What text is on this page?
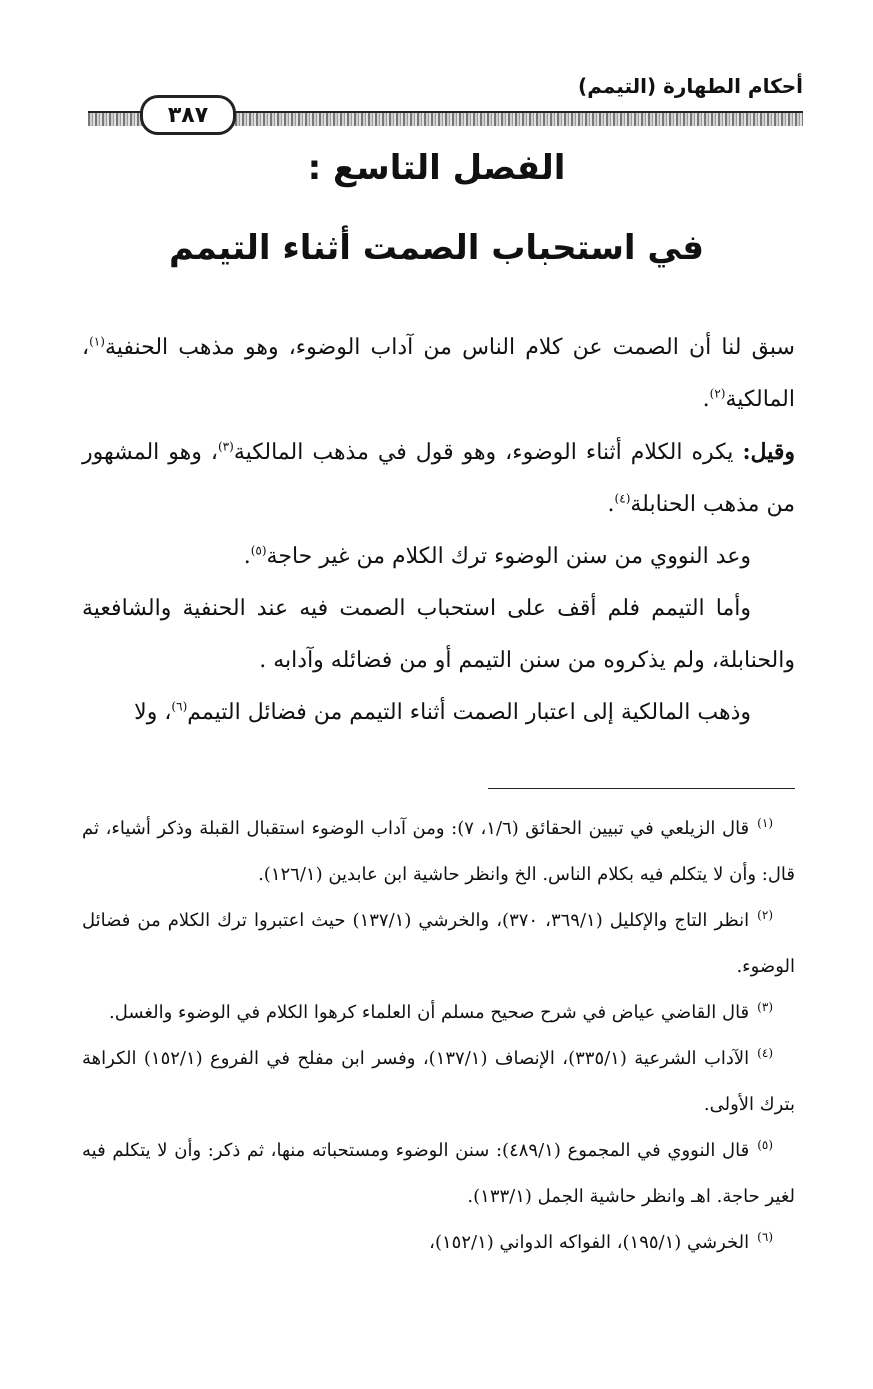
أحكام الطهارة (التيمم)
٣٨٧
الفصل التاسع :
في استحباب الصمت أثناء التيمم

سبق لنا أن الصمت عن كلام الناس من آداب الوضوء، وهو مذهب الحنفية$^{(١)}$، المالكية$^{(٢)}$.

وقيل: يكره الكلام أثناء الوضوء، وهو قول في مذهب المالكية$^{(٣)}$، وهو المشهور من مذهب الحنابلة$^{(٤)}$.

وعد النووي من سنن الوضوء ترك الكلام من غير حاجة$^{(٥)}$.

وأما التيمم فلم أقف على استحباب الصمت فيه عند الحنفية والشافعية والحنابلة، ولم يذكروه من سنن التيمم أو من فضائله وآدابه .

وذهب المالكية إلى اعتبار الصمت أثناء التيمم من فضائل التيمم$^{(٦)}$، ولا

$^{(١)}$قال الزيلعي في تبيين الحقائق (١/٦، ٧): ومن آداب الوضوء استقبال القبلة وذكر أشياء، ثم قال: وأن لا يتكلم فيه بكلام الناس. الخ وانظر حاشية ابن عابدين (١٢٦/١).

$^{(٢)}$انظر التاج والإكليل (٣٦٩/١، ٣٧٠)، والخرشي (١٣٧/١) حيث اعتبروا ترك الكلام من فضائل الوضوء.

$^{(٣)}$قال القاضي عياض في شرح صحيح مسلم أن العلماء كرهوا الكلام في الوضوء والغسل.

$^{(٤)}$الآداب الشرعية (٣٣٥/١)، الإنصاف (١٣٧/١)، وفسر ابن مفلح في الفروع (١٥٢/١) الكراهة بترك الأولى.

$^{(٥)}$قال النووي في المجموع (٤٨٩/١): سنن الوضوء ومستحباته منها، ثم ذكر: وأن لا يتكلم فيه لغير حاجة. اهـ وانظر حاشية الجمل (١٣٣/١).

$^{(٦)}$الخرشي (١٩٥/١)، الفواكه الدواني (١٥٢/١)،
